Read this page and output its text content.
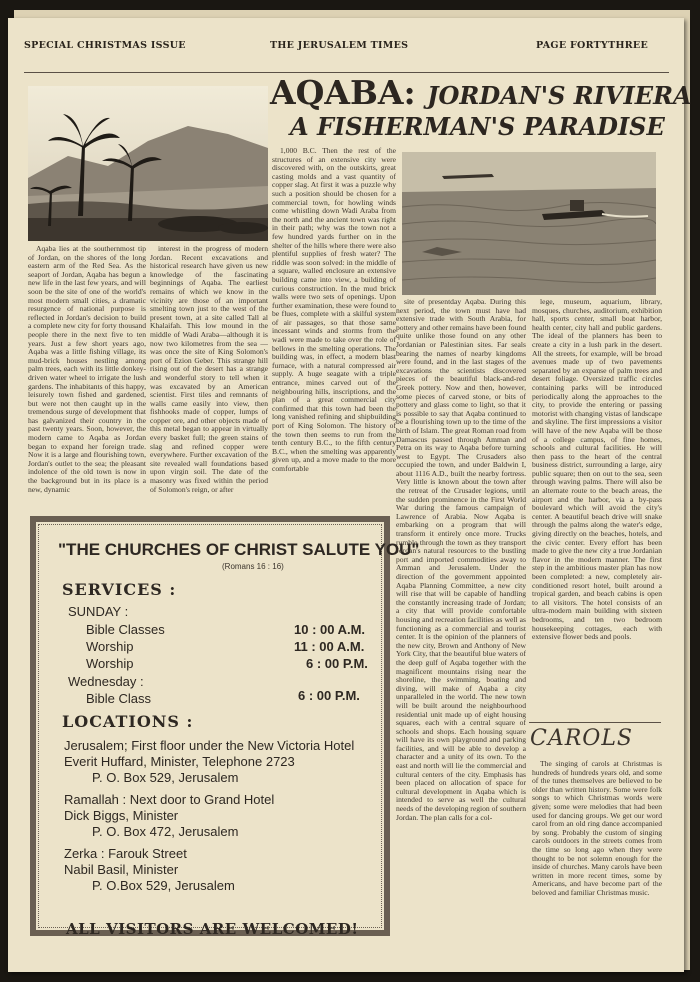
SPECIAL CHRISTMAS ISSUE	THE JERUSALEM TIMES	PAGE FORTYTHREE
AQABA: JORDAN'S RIVIERA
A FISHERMAN'S PARADISE

Aqaba lies at the southernmost tip of Jordan, on the shores of the long eastern arm of the Red Sea. As the seaport of Jordan, Aqaba has begun a new life in the last few years, and will soon be the site of one of the world's most modern small cities, a dramatic resurgence of national purpose is reflected in Jordan's decision to build a complete new city for forty thousand people there in the next five to ten years. Just a few short years ago, Aqaba was a little fishing village, its mud-brick houses nestling among palm trees, each with its little donkey-driven water wheel to irrigate the lush gardens. The inhabitants of this happy, leisurely town fished and gardened, but were not then caught up in the tremendous surge of development that has galvanized their country in the past twenty years. Soon, however, the modern came to Aqaba as Jordan began to expand her foreign trade. Now it is a large and flourishing town, Jordan's outlet to the sea; the pleasant indolence of the old town is now in the background but in its place is a new, dynamic

interest in the progress of modern Jordan. Recent excavations and historical research have given us new knowledge of the fascinating beginnings of Aqaba. The earliest remains of which we know in the vicinity are those of an important smelting town just to the west of the present town, at a site called Tall al Khalaifah. This low mound in the middle of Wadi Araba—although it is now two kilometres from the sea — was once the site of King Solomon's port of Ezion Geber. This strange hill rising out of the desert has a strange and wonderful story to tell when it was excavated by an American scientist. First tiles and remnants of walls came easily into view, then fishhooks made of copper, lumps of copper ore, and other objects made of this metal began to appear in virtually every basket full; the green stains of slag and refined copper were everywhere. Further excavation of the site revealed wall foundations based upon virgin soil. The date of the masonry was fixed within the period of Solomon's reign, or after

1,000 B.C. Then the rest of the structures of an extensive city were discovered with, on the outskirts, great casting molds and a vast quantity of copper slag. At first it was a puzzle why such a position should be chosen for a commercial town, for howling winds come whistling down Wadi Araba from the north and the ancient town was right in their path; why was the town not a few hundred yards further on in the shelter of the hills where there were also plentiful supplies of fresh water? The riddle was soon solved: in the middle of a square, walled enclosure an extensive building came into view, a building of curious construction. In the mud brick walls were two sets of openings. Upon further examination, these were found to be flues, complete with a skilful system of air passages, so that those same incessant winds and storms from the wadi were made to take over the role of bellows in the smelting operations. The building was, in effect, a modern blast furnace, with a natural compressed air supply. A huge seagate with a triple entrance, mines carved out of the neighbouring hills, inscriptions, and the plan of a great commercial city confirmed that this town had been the long vanished refining and shipbuilding port of King Solomon. The history of the town then seems to run from the tenth century B.C., to the fifth century B.C., when the smelting was apparently given up, and a move made to the more comfortable

site of presentday Aqaba. During this next period, the town must have had extensive trade with South Arabia, for pottery and other remains have been found quite unlike those found on any other Jordanian or Palestinian sites. Far seals bearing the names of nearby kingdoms were found, and in the last stages of the excavations the scientists discovered pieces of the beautiful black-and-red Greek pottery. Now and then, however, some pieces of carved stone, or bits of pottery and glass come to light, so that it is possible to say that Aqaba continued to be a flourishing town up to the time of the birth of Islam. The great Roman road from Damascus passed through Amman and Petra on its way to Aqaba before turning west to Egypt. The Crusaders also occupied the town, and under Baldwin I, about 1116 A.D., built the nearby fortress. Very little is known about the town after the retreat of the Crusader legions, until the sudden prominence in the First World War during the famous campaign of Lawrence of Arabia. Now Aqaba is embarking on a program that will transform it entirely once more. Trucks rumble through the town as they transport Jordan's natural resources to the bustling port and imported commodities away to Amman and Jerusalem. Under the direction of the government appointed Aqaba Planning Committee, a new city will rise that will be capable of handling the constantly increasing trade of Jordan; a city that will provide comfortable housing and recreation facilities as well as functioning as a commercial and tourist center. It is the opinion of the planners of the new city, Brown and Anthony of New York City, that the beautiful blue waters of the deep gulf of Aqaba together with the magnificent mountains rising near the shoreline, the swimming, boating and diving, will make of Aqaba a city unparalleled in the world. The new town will be built around the neighbourhood residential unit made up of eight housing squares, each with a central square of schools and shops. Each housing square will have its own playground and parking facilities, and will be able to develop a character and a unity of its own. To the east and north will lie the commercial and cultural centers of the city. Emphasis has been placed on allocation of space for cultural development in Aqaba which is intended to serve as well the cultural needs of the developing region of southern Jordan. The plan calls for a col-

lege, museum, aquarium, library, mosques, churches, auditorium, exhibition hall, sports center, small boat harbor, health center, city hall and public gardens. The ideal of the planners has been to create a city in a lush park in the desert. All the streets, for example, will be broad avenues made up of two pavements separated by an expanse of palm trees and desert foliage. Oversized traffic circles containing parks will be introduced periodically along the approaches to the city, to provide the entering or passing motorist with changing vistas of landscape and skyline. The first impressions a visitor will have of the new Aqaba will be those of a college campus, of fine homes, schools and cultural facilities. He will then pass to the heart of the central business district, surrounding a large, airy public square; then on out to the sea, seen through waving palms. There will also be an alternate route to the beach areas, the airport and the harbor, via a by-pass boulevard which will avoid the city's center. A beautiful beach drive will snake through the palms along the water's edge, giving directly on the beaches, hotels, and the civic center. Every effort has been made to give the new city a true Jordanian flavor in the modern manner. The first step in the ambitious master plan has now been completed: a new, completely air-conditioned resort hotel, built around a tropical garden, and beach cabins is open to all visitors. The hotel consists of an ultra-modern main building with sixteen bedrooms, and ten two bedroom housekeeping cottages, each with extensive flower beds and pools.

CAROLS

The singing of carols at Christmas is hundreds of hundreds years old, and some of the tunes themselves are believed to be older than written history. Some were folk songs to which Christmas words were given; some were melodies that had been used for dancing groups. We get our word carol from an old ring dance accompanied by song. Probably the custom of singing carols outdoors in the streets comes from the time so long ago when they were thought to be not solemn enough for the inside of churches. Many carols have been written in more recent times, some by Americans, and have become part of the beloved and familiar Christmas music.

"THE CHURCHES OF CHRIST SALUTE YOU"
(Romans 16 : 16)
SERVICES :
SUNDAY :
Bible Classes	10 : 00 A.M.
Worship	11 : 00 A.M.
Worship	6 : 00 P.M.
Wednesday :
Bible Class	6 : 00 P.M.
LOCATIONS :
Jerusalem; First floor under the New Victoria Hotel
Everit Huffard, Minister, Telephone 2723
P. O. Box 529, Jerusalem
Ramallah : Next door to Grand Hotel
Dick Biggs, Minister
P. O. Box 472, Jerusalem
Zerka : Farouk Street
Nabil Basil, Minister
P. O.Box 529, Jerusalem
ALL VISITORS ARE WELCOMED!
